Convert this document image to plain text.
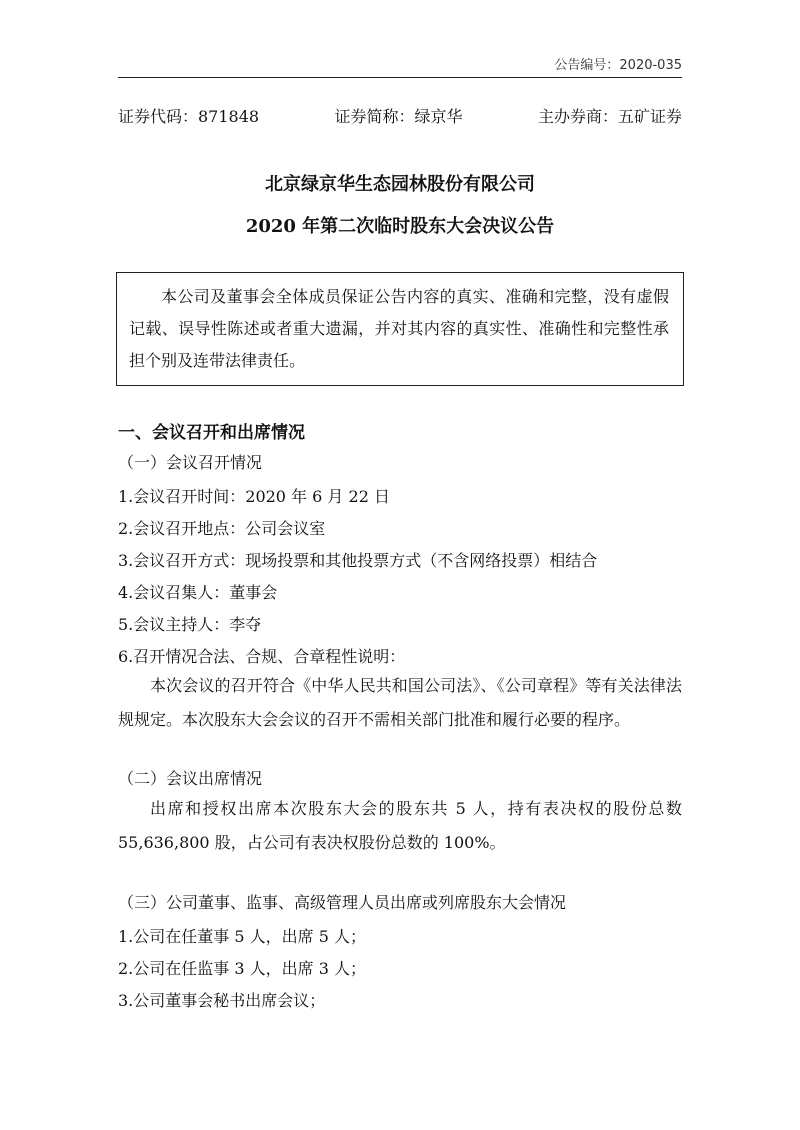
公告编号：2020-035
证券代码：871848	证券简称：绿京华	主办券商：五矿证券
北京绿京华生态园林股份有限公司
2020 年第二次临时股东大会决议公告
本公司及董事会全体成员保证公告内容的真实、准确和完整，没有虚假记载、误导性陈述或者重大遗漏，并对其内容的真实性、准确性和完整性承担个别及连带法律责任。
一、会议召开和出席情况
（一）会议召开情况
1.会议召开时间：2020 年 6 月 22 日
2.会议召开地点：公司会议室
3.会议召开方式：现场投票和其他投票方式（不含网络投票）相结合
4.会议召集人：董事会
5.会议主持人：李夺
6.召开情况合法、合规、合章程性说明：
本次会议的召开符合《中华人民共和国公司法》、《公司章程》等有关法律法规规定。本次股东大会会议的召开不需相关部门批准和履行必要的程序。
（二）会议出席情况
出席和授权出席本次股东大会的股东共 5 人，持有表决权的股份总数 55,636,800 股，占公司有表决权股份总数的 100%。
（三）公司董事、监事、高级管理人员出席或列席股东大会情况
1.公司在任董事 5 人，出席 5 人；
2.公司在任监事 3 人，出席 3 人；
3.公司董事会秘书出席会议；
